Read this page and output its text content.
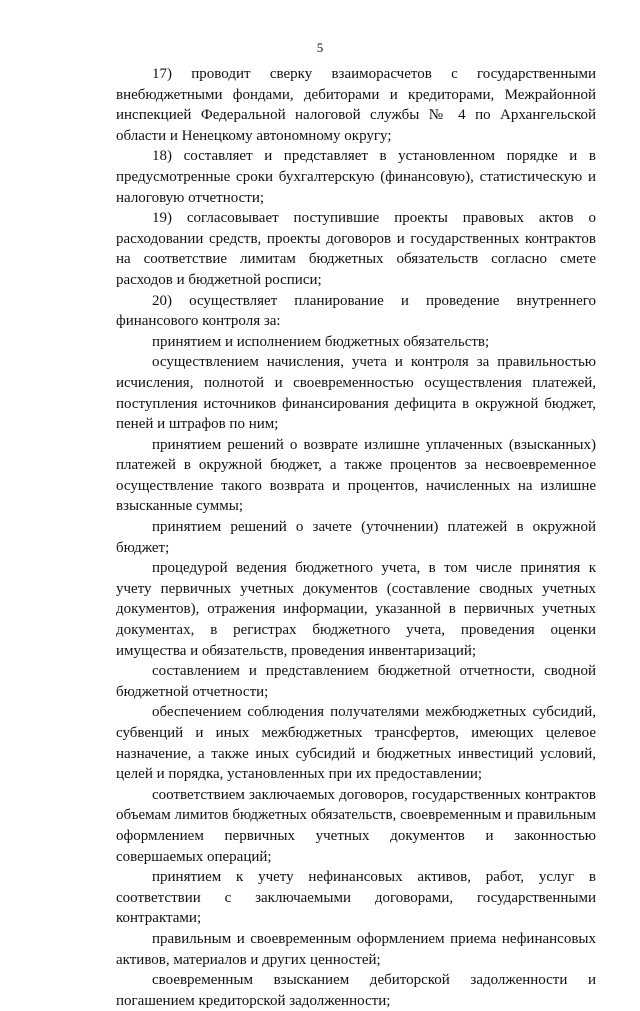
5

17) проводит сверку взаиморасчетов с государственными внебюджетными фондами, дебиторами и кредиторами, Межрайонной инспекцией Федеральной налоговой службы № 4 по Архангельской области и Ненецкому автономному округу;

18) составляет и представляет в установленном порядке и в предусмотренные сроки бухгалтерскую (финансовую), статистическую и налоговую отчетности;

19) согласовывает поступившие проекты правовых актов о расходовании средств, проекты договоров и государственных контрактов на соответствие лимитам бюджетных обязательств согласно смете расходов и бюджетной росписи;

20) осуществляет планирование и проведение внутреннего финансового контроля за:

принятием и исполнением бюджетных обязательств;

осуществлением начисления, учета и контроля за правильностью исчисления, полнотой и своевременностью осуществления платежей, поступления источников финансирования дефицита в окружной бюджет, пеней и штрафов по ним;

принятием решений о возврате излишне уплаченных (взысканных) платежей в окружной бюджет, а также процентов за несвоевременное осуществление такого возврата и процентов, начисленных на излишне взысканные суммы;

принятием решений о зачете (уточнении) платежей в окружной бюджет;

процедурой ведения бюджетного учета, в том числе принятия к учету первичных учетных документов (составление сводных учетных документов), отражения информации, указанной в первичных учетных документах, в регистрах бюджетного учета, проведения оценки имущества и обязательств, проведения инвентаризаций;

составлением и представлением бюджетной отчетности, сводной бюджетной отчетности;

обеспечением соблюдения получателями межбюджетных субсидий, субвенций и иных межбюджетных трансфертов, имеющих целевое назначение, а также иных субсидий и бюджетных инвестиций условий, целей и порядка, установленных при их предоставлении;

соответствием заключаемых договоров, государственных контрактов объемам лимитов бюджетных обязательств, своевременным и правильным оформлением первичных учетных документов и законностью совершаемых операций;

принятием к учету нефинансовых активов, работ, услуг в соответствии с заключаемыми договорами, государственными контрактами;

правильным и своевременным оформлением приема нефинансовых активов, материалов и других ценностей;

своевременным взысканием дебиторской задолженности и погашением кредиторской задолженности;
